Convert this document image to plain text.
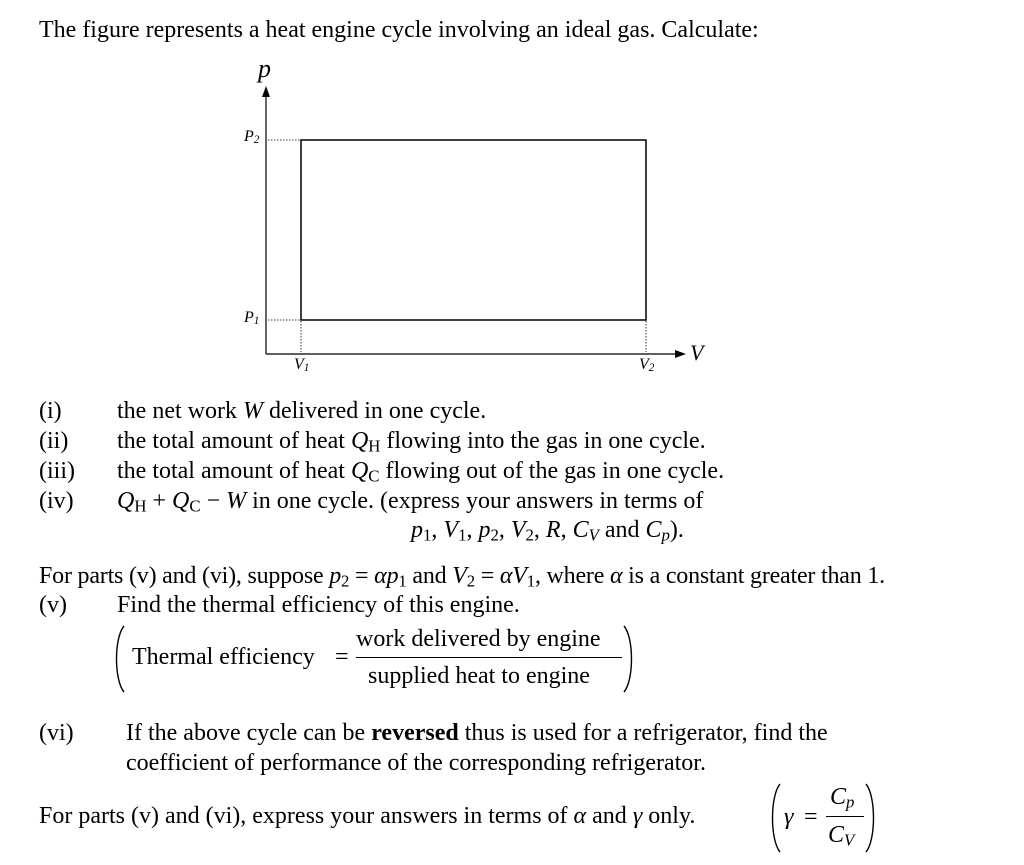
The figure represents a heat engine cycle involving an ideal gas. Calculate:
p
V
$P_2$
$P_1$
$V_1$	$V_2$
(i) the net work W delivered in one cycle.
(ii) the total amount of heat $Q_H$ flowing into the gas in one cycle.
(iii) the total amount of heat $Q_C$ flowing out of the gas in one cycle.
(iv) $Q_H + Q_C - W$ in one cycle. (express your answers in terms of
$p_1$, $V_1$, $p_2$, $V_2$, R, $C_V$ and $C_p$).
For parts (v) and (vi), suppose $p_2 = \alpha p_1$ and $V_2 = \alpha V_1$, where α is a constant greater than 1.
(v) Find the thermal efficiency of this engine.
Thermal efficiency =
work delivered by engine
supplied heat to engine
(vi) If the above cycle can be reversed thus is used for a refrigerator, find the
coefficient of performance of the corresponding refrigerator.
For parts (v) and (vi), express your answers in terms of α and γ only.	γ =
$C_p$
$C_V$
